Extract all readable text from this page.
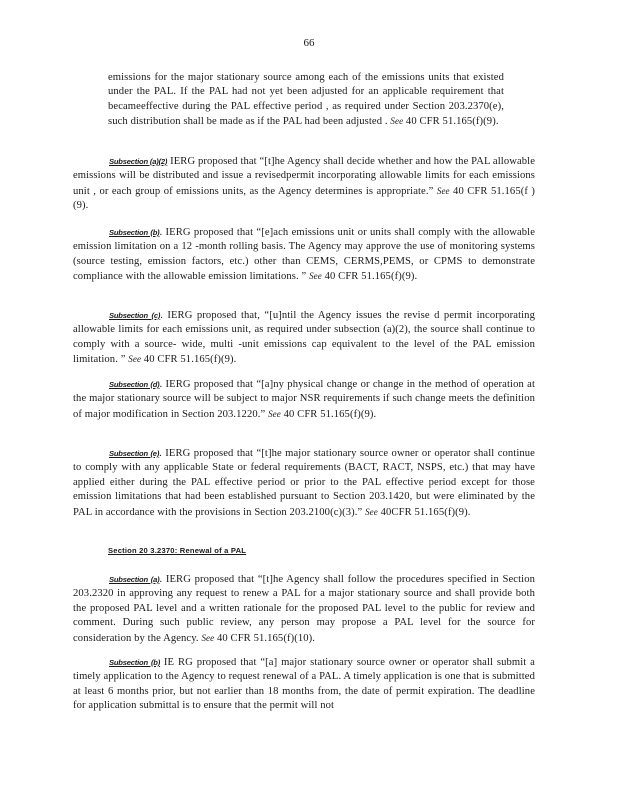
66
emissions for the major stationary source among each of the emissions units that existed under the PAL. If the PAL had not yet been adjusted for an applicable requirement that becameeffective during the PAL effective period , as required under Section 203.2370(e), such distribution shall be made as if the PAL had been adjusted . See 40 CFR 51.165(f)(9).
Subsection (a)(2) IERG proposed that “[t]he Agency shall decide whether and how the PAL allowable emissions will be distributed and issue a revisedpermit incorporating allowable limits for each emissions unit , or each group of emissions units, as the Agency determines is appropriate.” See 40 CFR 51.165(f )(9).
Subsection (b). IERG proposed that “[e]ach emissions unit or units shall comply with the allowable emission limitation on a 12 -month rolling basis. The Agency may approve the use of monitoring systems (source testing, emission factors, etc.) other than CEMS, CERMS,PEMS, or CPMS to demonstrate compliance with the allowable emission limitations. ” See 40 CFR 51.165(f)(9).
Subsection (c). IERG proposed that, “[u]ntil the Agency issues the revise d permit incorporating allowable limits for each emissions unit, as required under subsection (a)(2), the source shall continue to comply with a source- wide, multi -unit emissions cap equivalent to the level of the PAL emission limitation. ” See 40 CFR 51.165(f)(9).
Subsection (d). IERG proposed that “[a]ny physical change or change in the method of operation at the major stationary source will be subject to major NSR requirements if such change meets the definition of major modification in Section 203.1220.” See 40 CFR 51.165(f)(9).
Subsection (e). IERG proposed that “[t]he major stationary source owner or operator shall continue to comply with any applicable State or federal requirements (BACT, RACT, NSPS, etc.) that may have applied either during the PAL effective period or prior to the PAL effective period except for those emission limitations that had been established pursuant to Section 203.1420, but were eliminated by the PAL in accordance with the provisions in Section 203.2100(c)(3).” See 40CFR 51.165(f)(9).
Section 20 3.2370: Renewal of a PAL
Subsection (a). IERG proposed that “[t]he Agency shall follow the procedures specified in Section 203.2320 in approving any request to renew a PAL for a major stationary source and shall provide both the proposed PAL level and a written rationale for the proposed PAL level to the public for review and comment. During such public review, any person may propose a PAL level for the source for consideration by the Agency. See 40 CFR 51.165(f)(10).
Subsection (b) IE RG proposed that “[a] major stationary source owner or operator shall submit a timely application to the Agency to request renewal of a PAL. A timely application is one that is submitted at least 6 months prior, but not earlier than 18 months from, the date of permit expiration. The deadline for application submittal is to ensure that the permit will not
